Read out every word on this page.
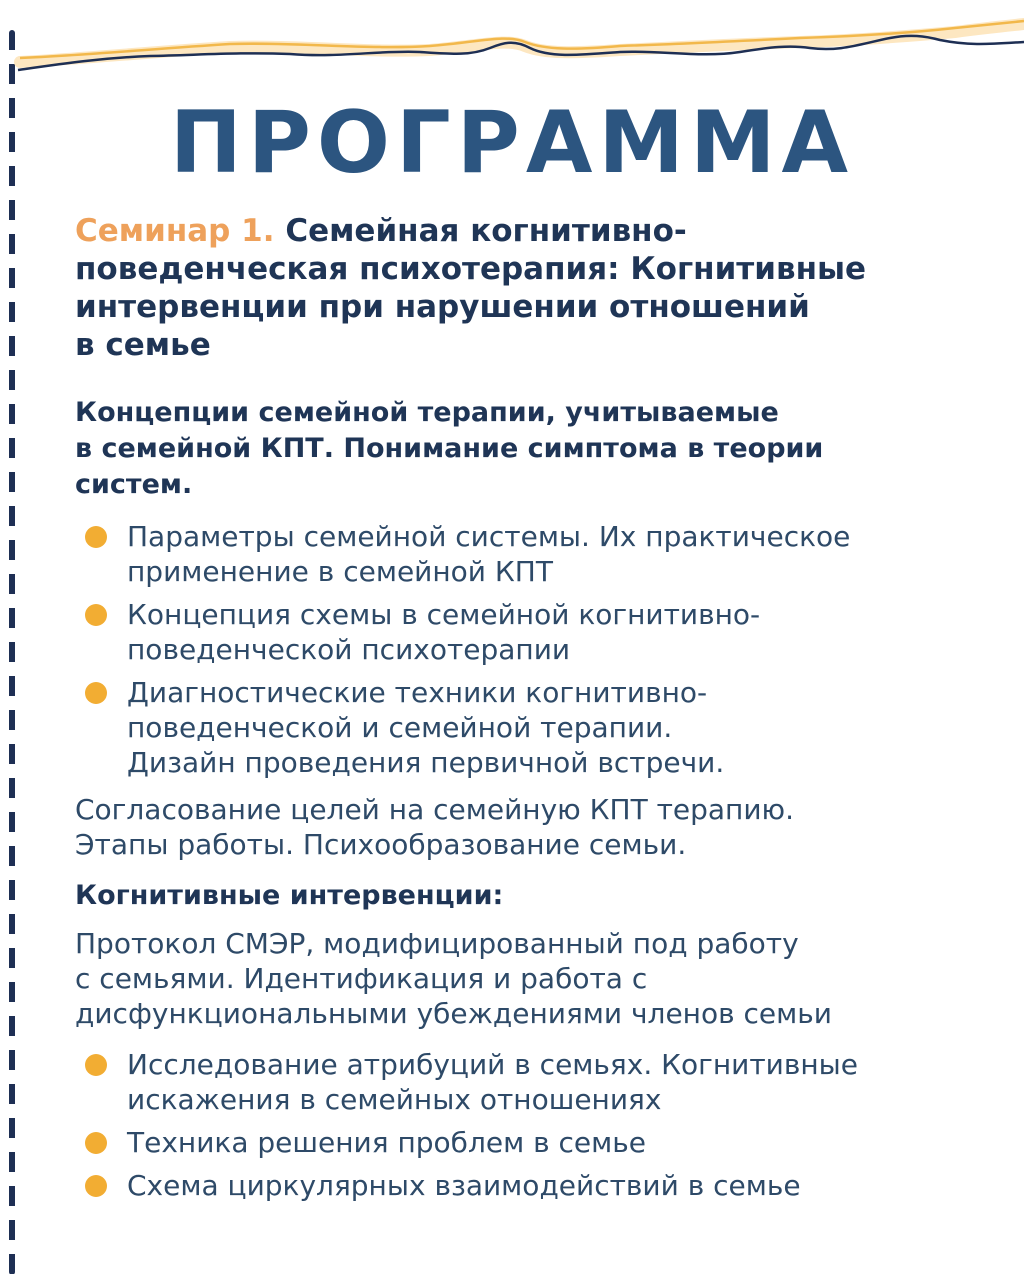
ПРОГРАММА
Семинар 1. Семейная когнитивно-
поведенческая психотерапия: Когнитивные
интервенции при нарушении отношений
в семье
Концепции семейной терапии, учитываемые
в семейной КПТ. Понимание симптома в теории
систем.
Параметры семейной системы. Их практическое
применение в семейной КПТ
Концепция схемы в семейной когнитивно-
поведенческой психотерапии
Диагностические техники когнитивно-
поведенческой и семейной терапии.
Дизайн проведения первичной встречи.

Согласование целей на семейную КПТ терапию.
Этапы работы. Психообразование семьи.

Когнитивные интервенции:

Протокол СМЭР, модифицированный под работу
с семьями. Идентификация и работа с
дисфункциональными убеждениями членов семьи

Исследование атрибуций в семьях. Когнитивные
искажения в семейных отношениях
Техника решения проблем в семье
Схема циркулярных взаимодействий в семье
